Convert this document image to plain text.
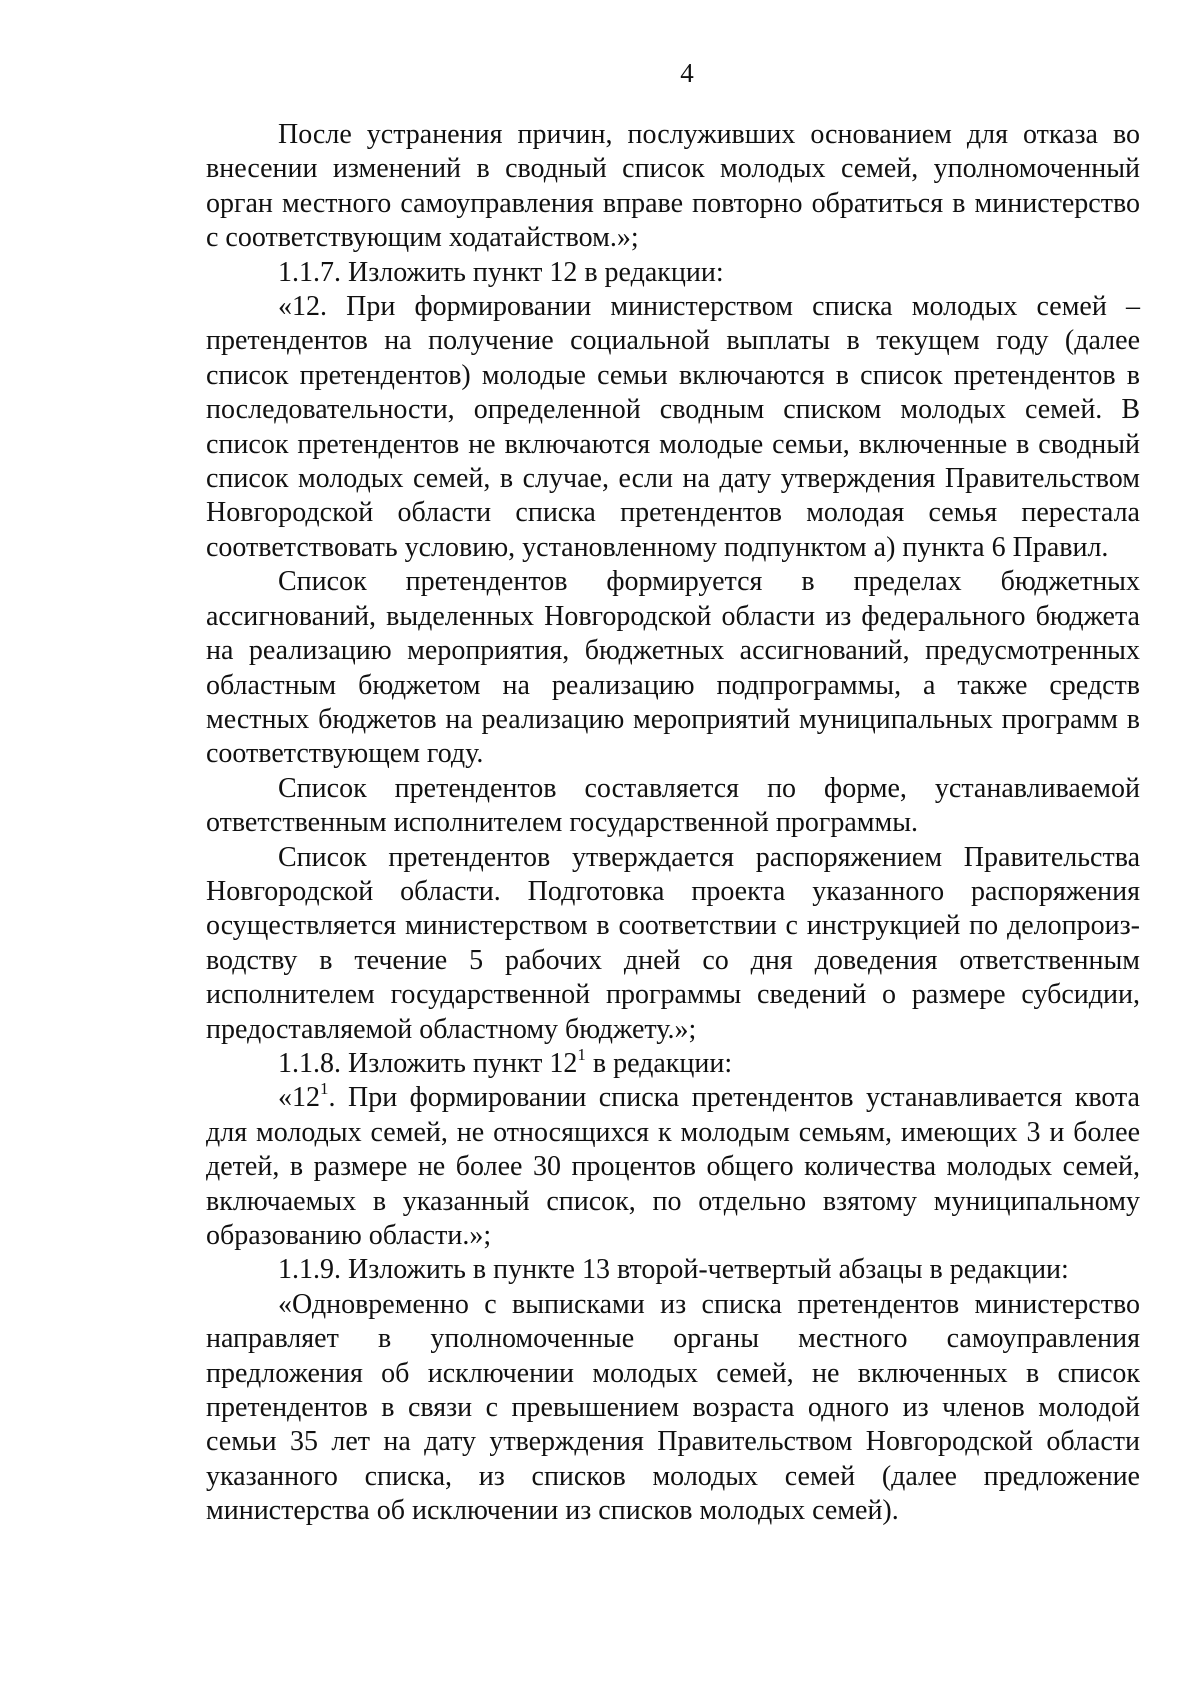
4

После устранения причин, послуживших основанием для отказа во внесении изменений в сводный список молодых семей, уполномоченный орган местного самоуправления вправе повторно обратиться в министерство с соответствующим ходатайством.»;

1.1.7. Изложить пункт 12 в редакции:

«12. При формировании министерством списка молодых семей – претендентов на получение социальной выплаты в текущем году (далее список претендентов) молодые семьи включаются в список претендентов в последовательности, определенной сводным списком молодых семей. В список претендентов не включаются молодые семьи, включенные в сводный список молодых семей, в случае, если на дату утверждения Правительством Новгородской области списка претендентов молодая семья перестала соответствовать условию, установленному подпунктом а) пункта 6 Правил.

Список претендентов формируется в пределах бюджетных ассигнований, выделенных Новгородской области из федерального бюджета на реализацию мероприятия, бюджетных ассигнований, предусмотренных областным бюджетом на реализацию подпрограммы, а также средств местных бюджетов на реализацию мероприятий муниципальных программ в соответствующем году.

Список претендентов составляется по форме, устанавливаемой ответственным исполнителем государственной программы.

Список претендентов утверждается распоряжением Правительства Новгородской области. Подготовка проекта указанного распоряжения осуществляется министерством в соответствии с инструкцией по делопроизводству в течение 5 рабочих дней со дня доведения ответственным исполнителем государственной программы сведений о размере субсидии, предоставляемой областному бюджету.»;

1.1.8. Изложить пункт $12^1$ в редакции:

«$12^1$. При формировании списка претендентов устанавливается квота для молодых семей, не относящихся к молодым семьям, имеющих 3 и более детей, в размере не более 30 процентов общего количества молодых семей, включаемых в указанный список, по отдельно взятому муниципальному образованию области.»;

1.1.9. Изложить в пункте 13 второй-четвертый абзацы в редакции:

«Одновременно с выписками из списка претендентов министерство направляет в уполномоченные органы местного самоуправления предложения об исключении молодых семей, не включенных в список претендентов в связи с превышением возраста одного из членов молодой семьи 35 лет на дату утверждения Правительством Новгородской области указанного списка, из списков молодых семей (далее предложение министерства об исключении из списков молодых семей).
